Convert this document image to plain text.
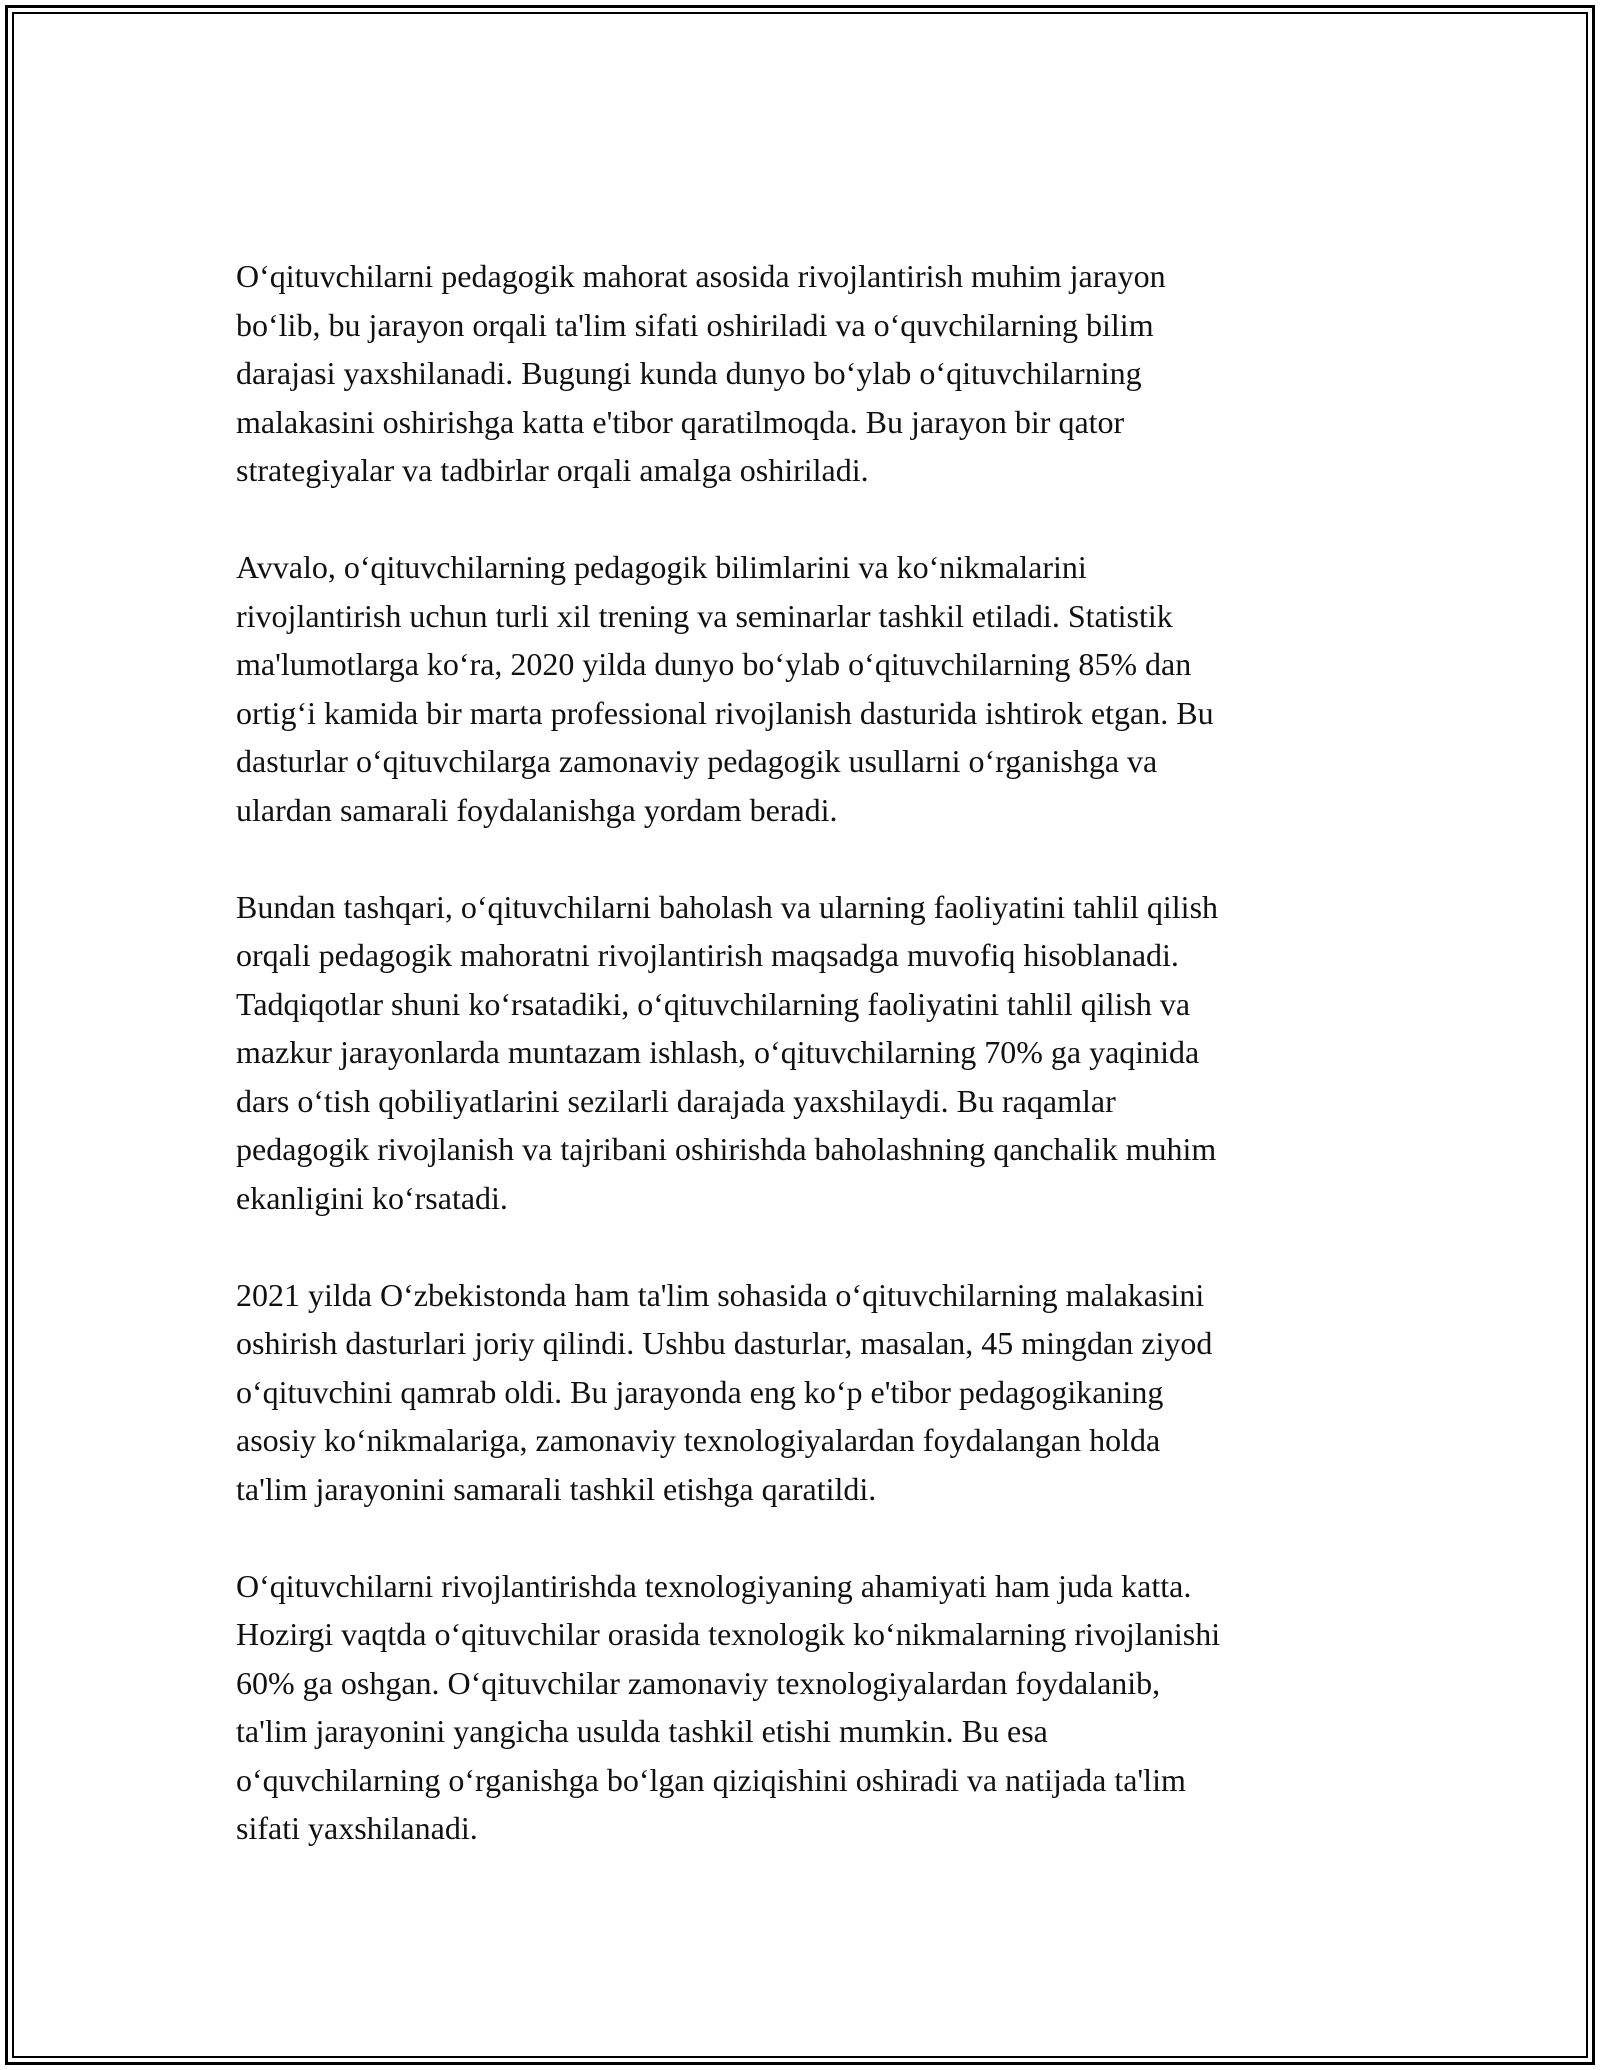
O‘qituvchilarni pedagogik mahorat asosida rivojlantirish muhim jarayon
bo‘lib, bu jarayon orqali ta'lim sifati oshiriladi va o‘quvchilarning bilim
darajasi yaxshilanadi. Bugungi kunda dunyo bo‘ylab o‘qituvchilarning
malakasini oshirishga katta e'tibor qaratilmoqda. Bu jarayon bir qator
strategiyalar va tadbirlar orqali amalga oshiriladi.

Avvalo, o‘qituvchilarning pedagogik bilimlarini va ko‘nikmalarini
rivojlantirish uchun turli xil trening va seminarlar tashkil etiladi. Statistik
ma'lumotlarga ko‘ra, 2020 yilda dunyo bo‘ylab o‘qituvchilarning 85% dan
ortig‘i kamida bir marta professional rivojlanish dasturida ishtirok etgan. Bu
dasturlar o‘qituvchilarga zamonaviy pedagogik usullarni o‘rganishga va
ulardan samarali foydalanishga yordam beradi.

Bundan tashqari, o‘qituvchilarni baholash va ularning faoliyatini tahlil qilish
orqali pedagogik mahoratni rivojlantirish maqsadga muvofiq hisoblanadi.
Tadqiqotlar shuni ko‘rsatadiki, o‘qituvchilarning faoliyatini tahlil qilish va
mazkur jarayonlarda muntazam ishlash, o‘qituvchilarning 70% ga yaqinida
dars o‘tish qobiliyatlarini sezilarli darajada yaxshilaydi. Bu raqamlar
pedagogik rivojlanish va tajribani oshirishda baholashning qanchalik muhim
ekanligini ko‘rsatadi.

2021 yilda O‘zbekistonda ham ta'lim sohasida o‘qituvchilarning malakasini
oshirish dasturlari joriy qilindi. Ushbu dasturlar, masalan, 45 mingdan ziyod
o‘qituvchini qamrab oldi. Bu jarayonda eng ko‘p e'tibor pedagogikaning
asosiy ko‘nikmalariga, zamonaviy texnologiyalardan foydalangan holda
ta'lim jarayonini samarali tashkil etishga qaratildi.

O‘qituvchilarni rivojlantirishda texnologiyaning ahamiyati ham juda katta.
Hozirgi vaqtda o‘qituvchilar orasida texnologik ko‘nikmalarning rivojlanishi
60% ga oshgan. O‘qituvchilar zamonaviy texnologiyalardan foydalanib,
ta'lim jarayonini yangicha usulda tashkil etishi mumkin. Bu esa
o‘quvchilarning o‘rganishga bo‘lgan qiziqishini oshiradi va natijada ta'lim
sifati yaxshilanadi.
